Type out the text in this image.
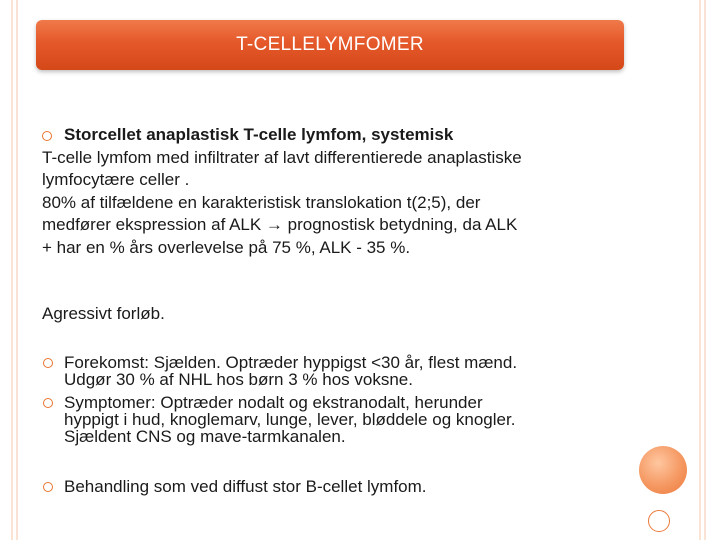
T-CELLELYMFOMER
Storcellet anaplastisk T-celle lymfom, systemisk

T-celle lymfom med infiltrater af lavt differentierede anaplastiske

lymfocytære celler .

80% af tilfældene en karakteristisk translokation t(2;5), der

medfører ekspression af ALK → prognostisk betydning, da ALK

+ har en % års overlevelse på 75 %, ALK - 35 %.

Agressivt forløb.

Forekomst: Sjælden. Optræder hyppigst <30 år, flest mænd.
Udgør 30 % af NHL hos børn 3 % hos voksne.
Symptomer: Optræder nodalt og ekstranodalt, herunder
hyppigt i hud, knoglemarv, lunge, lever, bløddele og knogler.
Sjældent CNS og mave-tarmkanalen.
Behandling som ved diffust stor B-cellet lymfom.
